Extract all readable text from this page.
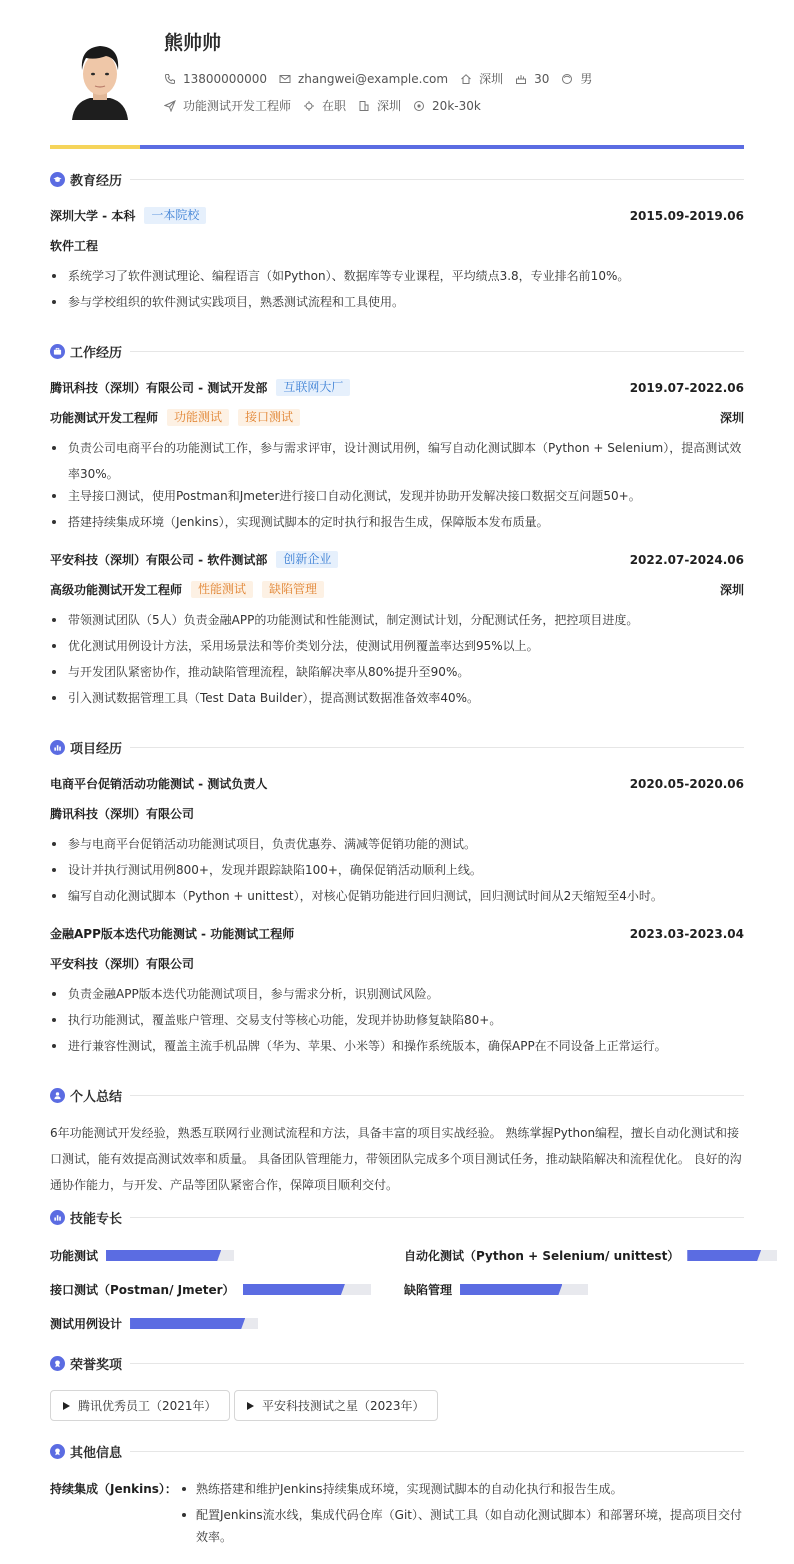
熊帅帅
13800000000	zhangwei@example.com	深圳	30	男
功能测试开发工程师	在职	深圳	20k-30k
教育经历
深圳大学 - 本科	一本院校	2015.09-2019.06
软件工程
系统学习了软件测试理论、编程语言（如Python）、数据库等专业课程，平均绩点3.8，专业排名前10%。
参与学校组织的软件测试实践项目，熟悉测试流程和工具使用。
工作经历
腾讯科技（深圳）有限公司 - 测试开发部	互联网大厂	2019.07-2022.06
功能测试开发工程师	功能测试	接口测试	深圳
负责公司电商平台的功能测试工作，参与需求评审，设计测试用例，编写自动化测试脚本（Python + Selenium），提高测试效率30%。
主导接口测试，使用Postman和Jmeter进行接口自动化测试，发现并协助开发解决接口数据交互问题50+。
搭建持续集成环境（Jenkins），实现测试脚本的定时执行和报告生成，保障版本发布质量。
平安科技（深圳）有限公司 - 软件测试部	创新企业	2022.07-2024.06
高级功能测试开发工程师	性能测试	缺陷管理	深圳
带领测试团队（5人）负责金融APP的功能测试和性能测试，制定测试计划，分配测试任务，把控项目进度。
优化测试用例设计方法，采用场景法和等价类划分法，使测试用例覆盖率达到95%以上。
与开发团队紧密协作，推动缺陷管理流程，缺陷解决率从80%提升至90%。
引入测试数据管理工具（Test Data Builder），提高测试数据准备效率40%。
项目经历
电商平台促销活动功能测试 - 测试负责人	2020.05-2020.06
腾讯科技（深圳）有限公司
参与电商平台促销活动功能测试项目，负责优惠券、满减等促销功能的测试。
设计并执行测试用例800+，发现并跟踪缺陷100+，确保促销活动顺利上线。
编写自动化测试脚本（Python + unittest），对核心促销功能进行回归测试，回归测试时间从2天缩短至4小时。
金融APP版本迭代功能测试 - 功能测试工程师	2023.03-2023.04
平安科技（深圳）有限公司
负责金融APP版本迭代功能测试项目，参与需求分析，识别测试风险。
执行功能测试，覆盖账户管理、交易支付等核心功能，发现并协助修复缺陷80+。
进行兼容性测试，覆盖主流手机品牌（华为、苹果、小米等）和操作系统版本，确保APP在不同设备上正常运行。
个人总结
6年功能测试开发经验，熟悉互联网行业测试流程和方法，具备丰富的项目实战经验。 熟练掌握Python编程，擅长自动化测试和接口测试，能有效提高测试效率和质量。 具备团队管理能力，带领团队完成多个项目测试任务，推动缺陷解决和流程优化。 良好的沟通协作能力，与开发、产品等团队紧密合作，保障项目顺利交付。
技能专长
功能测试	自动化测试（Python + Selenium/ unittest）
接口测试（Postman/ Jmeter）	缺陷管理
测试用例设计
荣誉奖项
腾讯优秀员工（2021年）	平安科技测试之星（2023年）
其他信息
持续集成（Jenkins）：	熟练搭建和维护Jenkins持续集成环境，实现测试脚本的自动化执行和报告生成。
配置Jenkins流水线，集成代码仓库（Git）、测试工具（如自动化测试脚本）和部署环境，提高项目交付效率。
